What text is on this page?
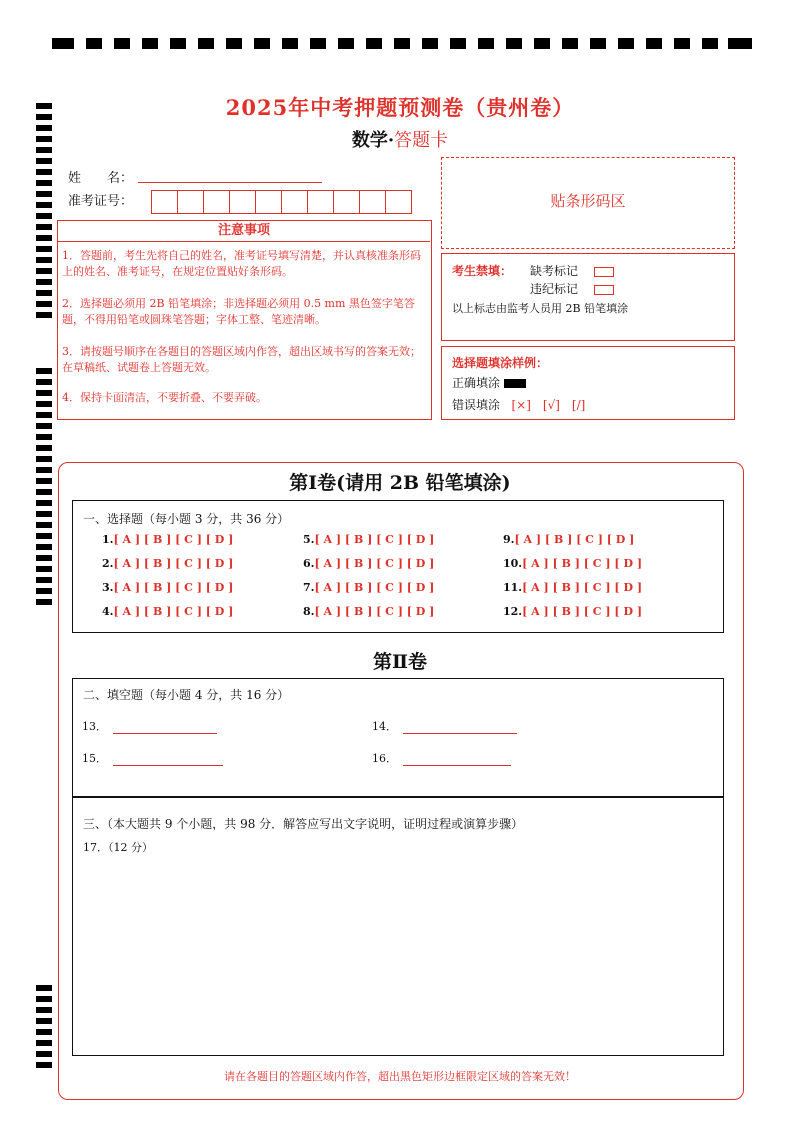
2025年中考押题预测卷（贵州卷）
数学·答题卡
姓　　名：
准考证号：	贴条形码区
注意事项
1．答题前，考生先将自己的姓名，准考证号填写清楚，并认真核准条形码上的姓名、准考证号，在规定位置贴好条形码。
2．选择题必须用 2B 铅笔填涂；非选择题必须用 0.5 mm 黑色签字笔答题，不得用铅笔或圆珠笔答题；字体工整、笔迹清晰。
3．请按题号顺序在各题目的答题区域内作答，超出区域书写的答案无效；在草稿纸、试题卷上答题无效。
4．保持卡面清洁，不要折叠、不要弄破。
考生禁填： 缺考标记
违纪标记
以上标志由监考人员用 2B 铅笔填涂
选择题填涂样例：
正确填涂
错误填涂 [×]　[√]　[/]
第Ⅰ卷(请用 2B 铅笔填涂)
一、选择题（每小题 3 分，共 36 分）
1.[ A ] [ B ] [ C ] [ D ]
2.[ A ] [ B ] [ C ] [ D ]
3.[ A ] [ B ] [ C ] [ D ]
4.[ A ] [ B ] [ C ] [ D ]
5.[ A ] [ B ] [ C ] [ D ]
6.[ A ] [ B ] [ C ] [ D ]
7.[ A ] [ B ] [ C ] [ D ]
8.[ A ] [ B ] [ C ] [ D ]
9.[ A ] [ B ] [ C ] [ D ]
10.[ A ] [ B ] [ C ] [ D ]
11.[ A ] [ B ] [ C ] [ D ]
12.[ A ] [ B ] [ C ] [ D ]
第Ⅱ卷
二、填空题（每小题 4 分，共 16 分）
13．	14．
15．	16．
三、（本大题共 9 个小题，共 98 分．解答应写出文字说明，证明过程或演算步骤）
17．（12 分）
请在各题目的答题区域内作答，超出黑色矩形边框限定区域的答案无效！
